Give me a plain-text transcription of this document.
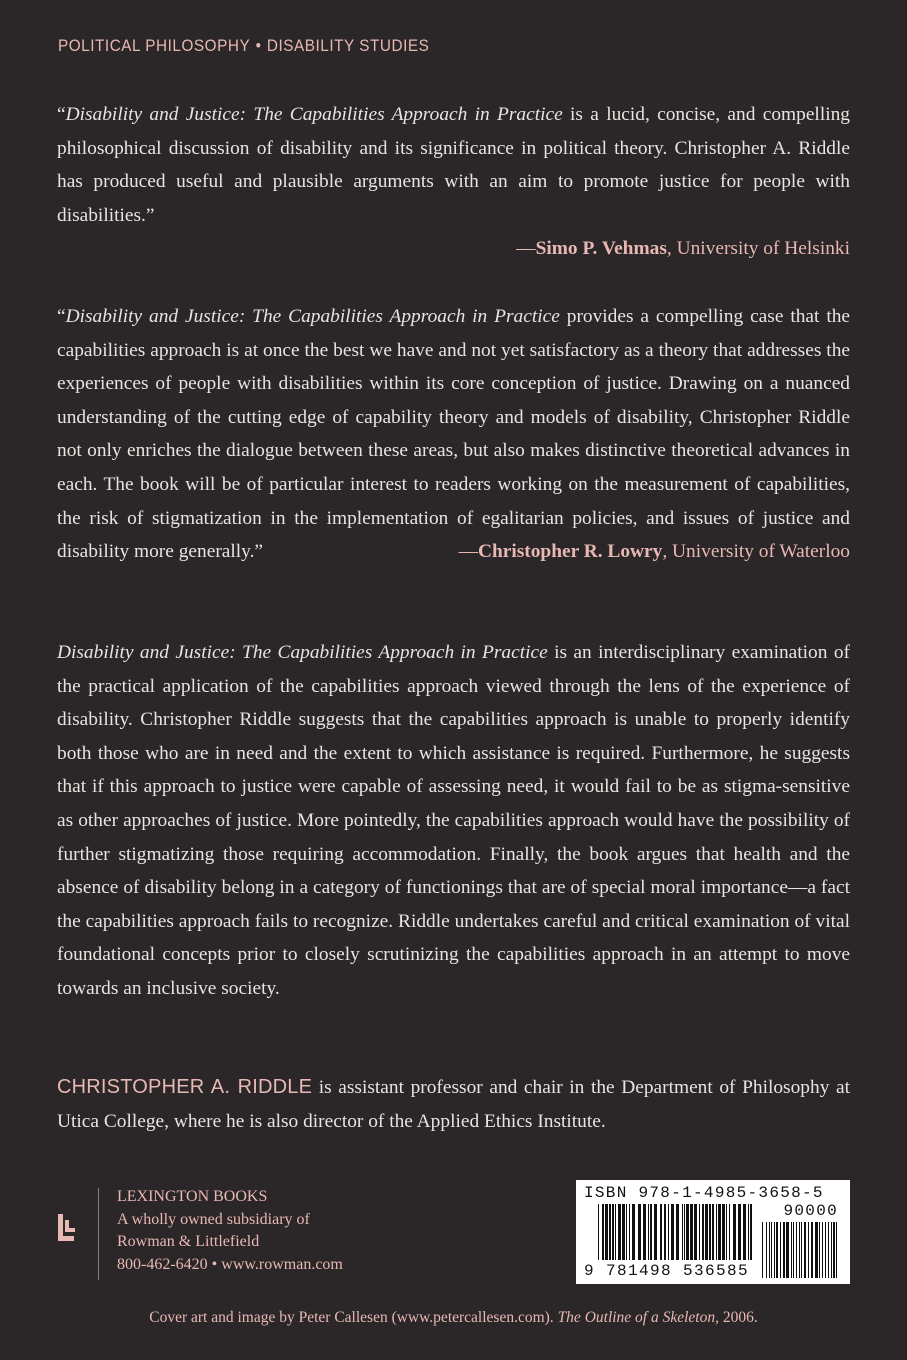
POLITICAL PHILOSOPHY • DISABILITY STUDIES
“Disability and Justice: The Capabilities Approach in Practice is a lucid, concise, and compelling philosophical discussion of disability and its significance in political theory. Christopher A. Riddle has produced useful and plausible arguments with an aim to promote justice for people with disabilities.”
—Simo P. Vehmas, University of Helsinki
“Disability and Justice: The Capabilities Approach in Practice provides a compelling case that the capabilities approach is at once the best we have and not yet satisfactory as a theory that addresses the experiences of people with disabilities within its core conception of justice. Drawing on a nuanced understanding of the cutting edge of capability theory and models of disability, Christopher Riddle not only enriches the dialogue between these areas, but also makes distinctive theoretical advances in each. The book will be of particular interest to readers working on the measurement of capabilities, the risk of stigmatization in the implementation of egalitarian policies, and issues of justice and disability more generally.”	—Christopher R. Lowry, University of Waterloo
Disability and Justice: The Capabilities Approach in Practice is an interdisciplinary examination of the practical application of the capabilities approach viewed through the lens of the experience of disability. Christopher Riddle suggests that the capabilities approach is unable to properly identify both those who are in need and the extent to which assistance is required. Furthermore, he suggests that if this approach to justice were capable of assessing need, it would fail to be as stigma-sensitive as other approaches of justice. More pointedly, the capabilities approach would have the possibility of further stigmatizing those requiring accommodation. Finally, the book argues that health and the absence of disability belong in a category of functionings that are of special moral importance—a fact the capabilities approach fails to recognize. Riddle undertakes careful and critical examination of vital foundational concepts prior to closely scrutinizing the capabilities approach in an attempt to move towards an inclusive society.
CHRISTOPHER A. RIDDLE is assistant professor and chair in the Department of Philosophy at Utica College, where he is also director of the Applied Ethics Institute.
LEXINGTON BOOKS
A wholly owned subsidiary of
Rowman & Littlefield
800-462-6420 • www.rowman.com
ISBN 978-1-4985-3658-5
90000
9 781498 536585
Cover art and image by Peter Callesen (www.petercallesen.com). The Outline of a Skeleton, 2006.
